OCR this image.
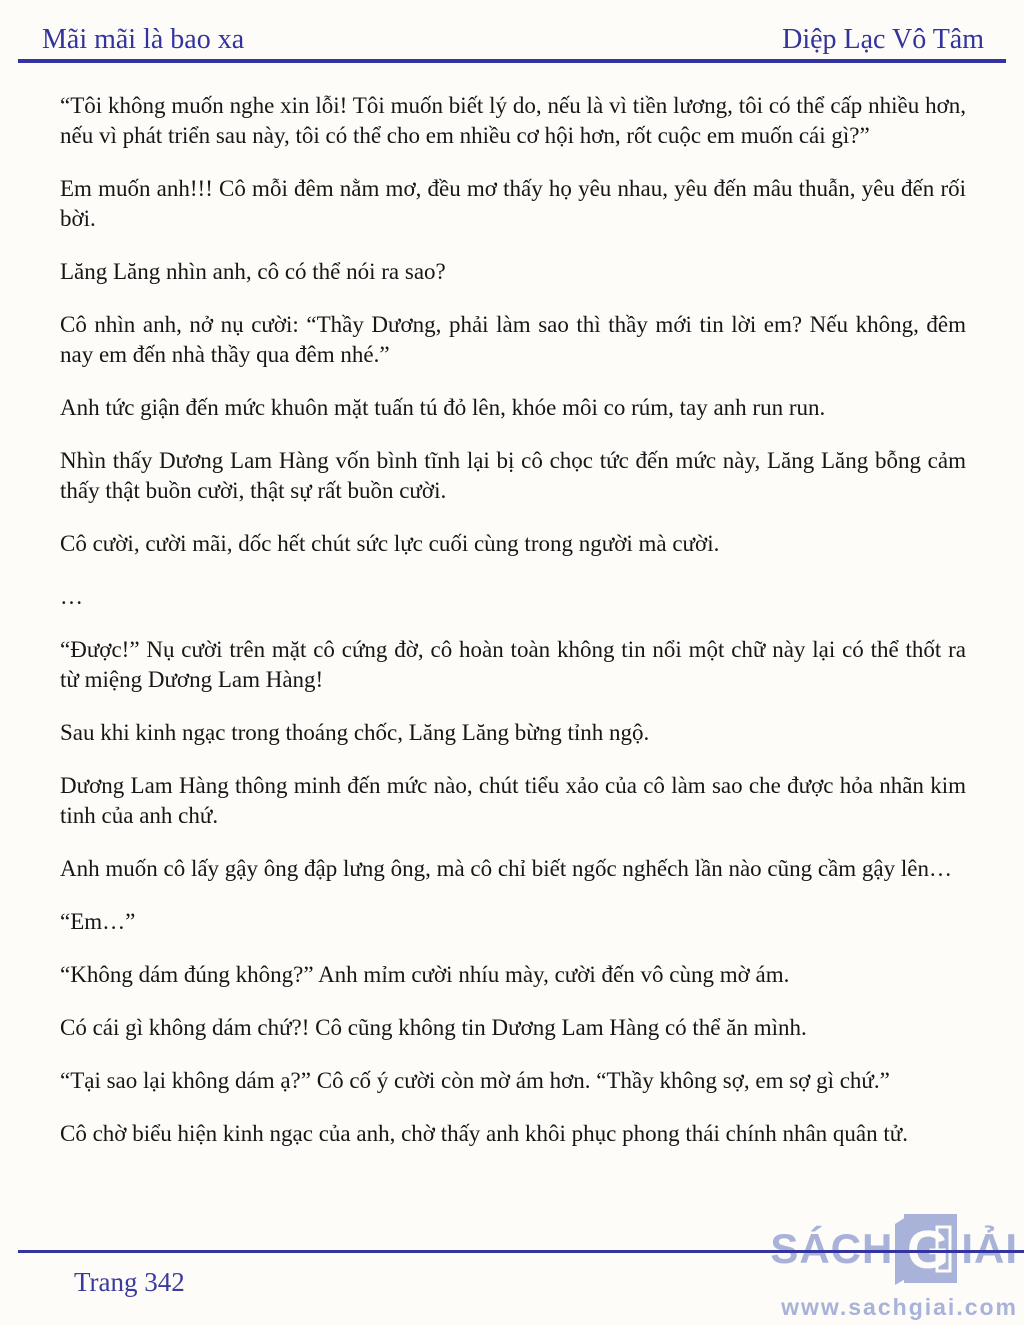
Mãi mãi là bao xa	Diệp Lạc Vô Tâm

“Tôi không muốn nghe xin lỗi! Tôi muốn biết lý do, nếu là vì tiền lương, tôi có thể cấp nhiều hơn, nếu vì phát triển sau này, tôi có thể cho em nhiều cơ hội hơn, rốt cuộc em muốn cái gì?”

Em muốn anh!!! Cô mỗi đêm nằm mơ, đều mơ thấy họ yêu nhau, yêu đến mâu thuẫn, yêu đến rối bời.

Lăng Lăng nhìn anh, cô có thể nói ra sao?

Cô nhìn anh, nở nụ cười: “Thầy Dương, phải làm sao thì thầy mới tin lời em? Nếu không, đêm nay em đến nhà thầy qua đêm nhé.”

Anh tức giận đến mức khuôn mặt tuấn tú đỏ lên, khóe môi co rúm, tay anh run run.

Nhìn thấy Dương Lam Hàng vốn bình tĩnh lại bị cô chọc tức đến mức này, Lăng Lăng bỗng cảm thấy thật buồn cười, thật sự rất buồn cười.

Cô cười, cười mãi, dốc hết chút sức lực cuối cùng trong người mà cười.

…

“Được!” Nụ cười trên mặt cô cứng đờ, cô hoàn toàn không tin nổi một chữ này lại có thể thốt ra từ miệng Dương Lam Hàng!

Sau khi kinh ngạc trong thoáng chốc, Lăng Lăng bừng tỉnh ngộ.

Dương Lam Hàng thông minh đến mức nào, chút tiểu xảo của cô làm sao che được hỏa nhãn kim tinh của anh chứ.

Anh muốn cô lấy gậy ông đập lưng ông, mà cô chỉ biết ngốc nghếch lần nào cũng cầm gậy lên…

“Em…”

“Không dám đúng không?” Anh mỉm cười nhíu mày, cười đến vô cùng mờ ám.

Có cái gì không dám chứ?! Cô cũng không tin Dương Lam Hàng có thể ăn mình.

“Tại sao lại không dám ạ?” Cô cố ý cười còn mờ ám hơn. “Thầy không sợ, em sợ gì chứ.”

Cô chờ biểu hiện kinh ngạc của anh, chờ thấy anh khôi phục phong thái chính nhân quân tử.

SÁCH G IẢI
www.sachgiai.com
Trang 342
